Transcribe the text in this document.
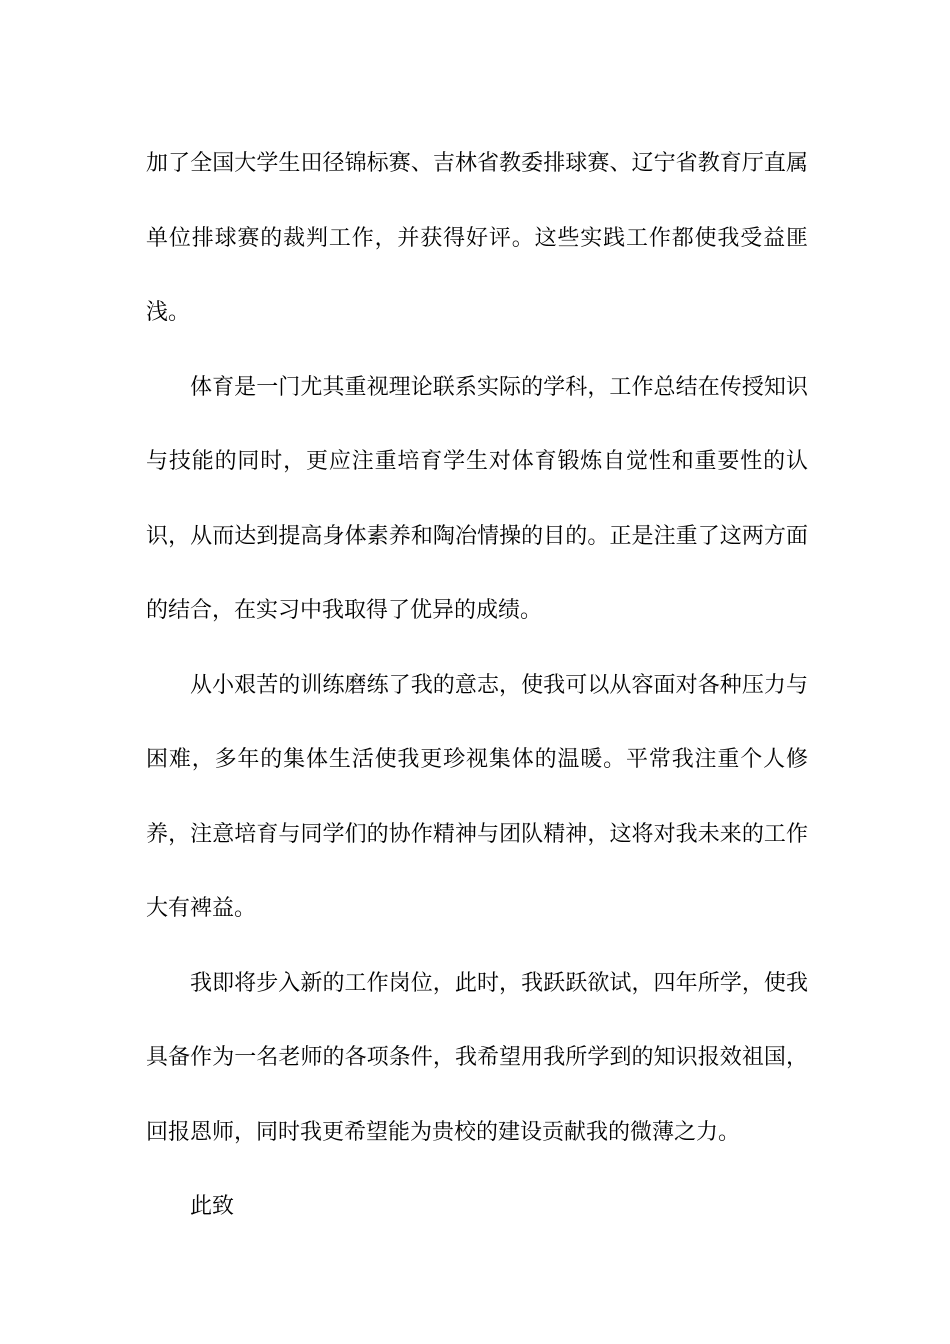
加了全国大学生田径锦标赛、吉林省教委排球赛、辽宁省教育厅直属单位排球赛的裁判工作，并获得好评。这些实践工作都使我受益匪浅。

体育是一门尤其重视理论联系实际的学科，工作总结在传授知识与技能的同时，更应注重培育学生对体育锻炼自觉性和重要性的认识，从而达到提高身体素养和陶冶情操的目的。正是注重了这两方面的结合，在实习中我取得了优异的成绩。

从小艰苦的训练磨练了我的意志，使我可以从容面对各种压力与困难，多年的集体生活使我更珍视集体的温暖。平常我注重个人修养，注意培育与同学们的协作精神与团队精神，这将对我未来的工作大有裨益。

我即将步入新的工作岗位，此时，我跃跃欲试，四年所学，使我具备作为一名老师的各项条件，我希望用我所学到的知识报效祖国，回报恩师，同时我更希望能为贵校的建设贡献我的微薄之力。

此致
